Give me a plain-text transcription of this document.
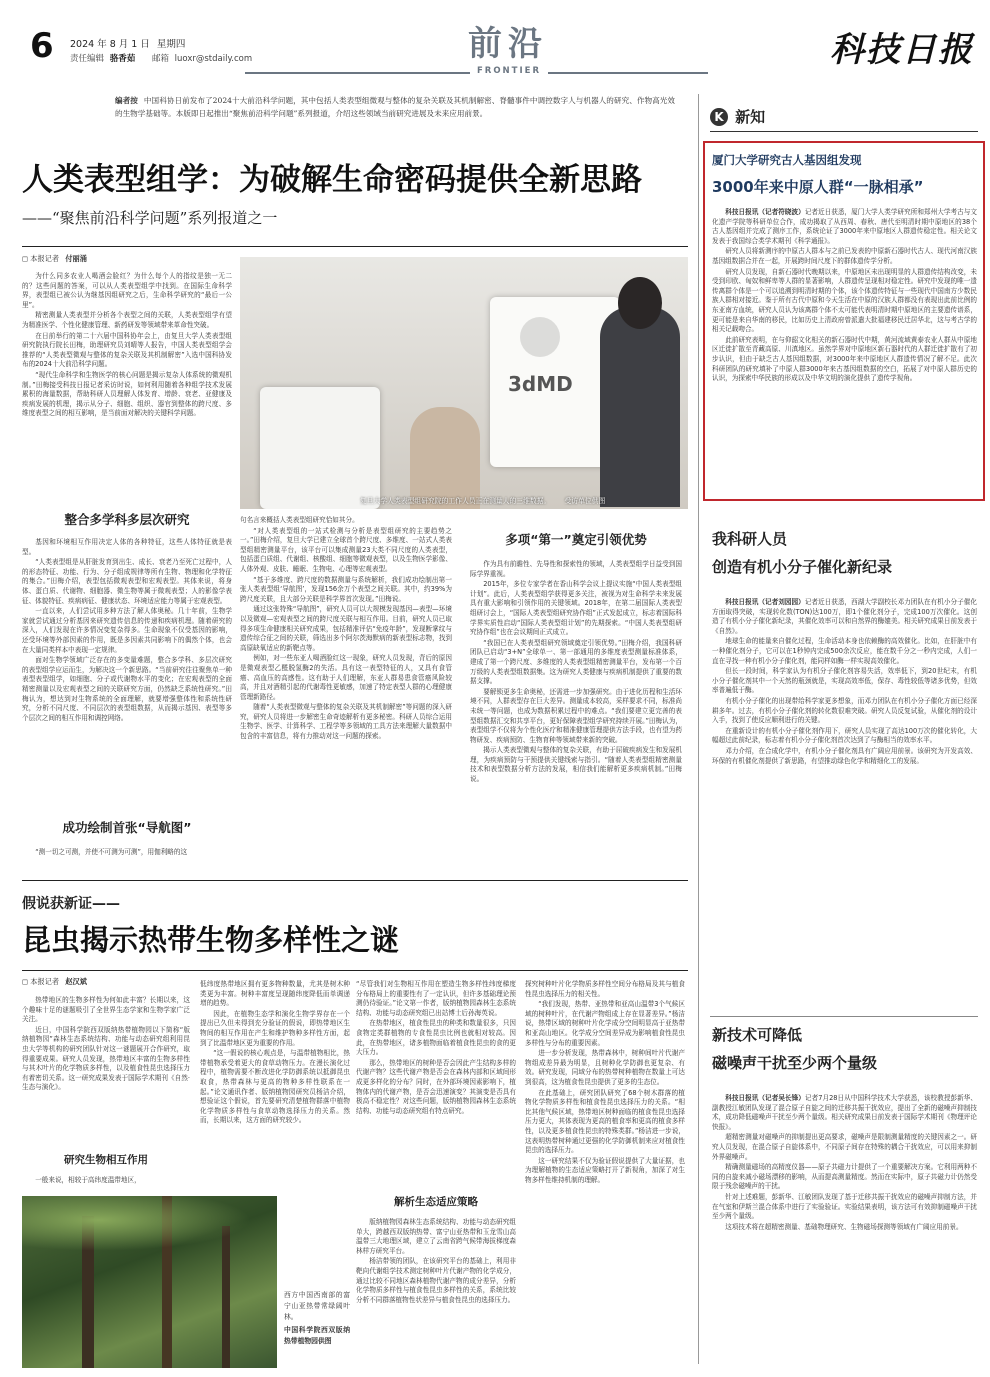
6 2024 年 8 月 1 日 星期四
责任编辑 骆香茹 邮箱 luoxr@stdaily.com	前沿
FRONTIER
科技日报
编者按 中国科协日前发布了2024十大前沿科学问题，其中包括人类表型组微观与整体的复杂关联及其机制解密、脊髓事件中调控数字人与机器人的研究、作物高光效的生物学基础等。本版即日起推出“聚焦前沿科学问题”系列报道，介绍这些领域当前研究进展及未来应用前景。
人类表型组学：为破解生命密码提供全新思路
——“聚焦前沿科学问题”系列报道之一
◻ 本报记者 付丽涌

为什么同多农业人喝酒会脸红？为什么每个人的指纹是独一无二的？这些问题的答案，可以从人类表型组学中找到。在国际生命科学界，表型组已被公认为继基因组研究之后，生命科学研究的“最后一公里”。

精密测量人类表型并分析各个表型之间的关联，人类表型组学有望为精准医学、个性化健康管理、新药研发等领域带来革命性突破。

在日前举行的第二十六届中国科协年会上，由复旦大学人类表型组研究院执行院长田梅，助理研究员刘晴等人报告，中国人类表型组学会推荐的“人类表型微观与整体的复杂关联及其机制解密”入选中国科协发布的2024十大前沿科学问题。

“现代生命科学和生物医学的核心问题是揭示复杂人体系统的微观机制。”田梅接受科技日报记者采访时说，如何利用随着各种组学技术发展累积的海量数据，帮助科研人员理解人体发育、增龄、衰老、亚健康及疾病发展的机理，揭示从分子、细胞、组织、器官到整体的跨尺度、多维度表型之间的相互影响，是当前面对解决的关键科学问题。

3dMD
复旦大学人类表型组研究院的工作人员正在测量人的三维数据。 受访单位供图
整合多学科多层次研究

基因和环境相互作用决定人体的各种特征，这些人体特征就是表型。

“人类表型组是从肝脏发育到出生、成长、衰老乃至死亡过程中，人的形态特征、功能、行为、分子组成规律等所有生物、物理和化学特征的集合。”田梅介绍，表型包括微观表型和宏观表型。其体来说，将身体、蛋白质、代谢物、细胞器、微生物等属于微观表型；人的影像学表征、体貌特征、疾病病征、健康状态、环境适应能力等属于宏观表型。

一直以来，人们尝试用多种方法了解人体奥秘。几十年前，生物学家就尝试通过分析基因来研究遗传信息的传递和疾病机理。随着研究的深入，人们发现在许多情况变复杂得多。生命现象不仅受基因的影响，还受环境等外部因素的作用，既是多因素共同影响下的偶然个体，也会在大量同类样本中表现一定规律。

面对生物学领域广泛存在的多变量难题，整合多学科、多层次研究的表型组学应运而生，为解决这一个新思路。“当前研究往往聚焦单一种表型表型组学，如细胞、分子或代谢物水平的变化；在宏观表型的全面精密测量以及宏观表型之间的关联研究方面，仍然缺乏系统性研究。”田梅认为，想达到对生物系统的全面理解，就要增强整体性和系统性研究，分析不同尺度、不同层次的表型组数据，从而揭示基因、表型等多个层次之间的相互作用和调控网络。

成功绘制首张“导航图”

“测一切之可测，并使不可测为可测”，用伽利略的这

句名言来概括人类表型组研究恰如其分。

“对人类表型组的一站式检测与分析是表型组研究的主要趋势之一。”田梅介绍，复旦大学已建立全球首个跨尺度、多维度、一站式人类表型组精密测量平台，该平台可以集成测量23大类不同尺度的人类表型，包括蛋白质组、代谢组、核酸组、细胞等微观表型，以及生物医学影像、人体外观、皮肤、睡眠、生物电、心理等宏观表型。

“基于多维度、跨尺度的数据测量与系统解析，我们成功绘制出第一张人类表型组‘导航图’，发现156余万个表型之间关联。其中，约39%为跨尺度关联，且大部分关联是科学界首次发现。”田梅说。

通过这张特殊“导航图”，研究人员可以大规模发现基因—表型—环境以及微观—宏观表型之间的跨尺度关联与相互作用。目前，研究人员已取得多项生命健康相关研究成果，包括精准评估“免疫年龄”，发现断掌纹与遗传综合征之间的关联，筛选出多个阿尔茨海默病的新表型标志物，找到高原缺氧适应的新靶点等。

例如，对一些东亚人喝酒脸红这一现象，研究人员发现，背后的原因是微观表型乙醛脱氢酶2的失活。具有这一表型特征的人，又具有食管癌、高血压的高感性。这有助于人们理解，东亚人群易患食管癌风险较高，并且对酒精引起的代谢毒性更敏感，加速了特定表型人群的心理健康管理新路径。

随着“人类表型微观与整体的复杂关联及其机制解密”等问题的深入研究，研究人员将进一步解密生命奇迹解析有更多秘密。科研人员综合运用生物学、医学、计算科学、工程学等多领域的工具方法来理解大量数据中包含的丰富信息，将有力推动对这一问题的探索。

多项“第一”奠定引领优势

作为具有前瞻性、先导性和探索性的领域，人类表型组学日益受到国际学界重视。

2015年，多位专家学者在香山科学会议上提议实施“中国人类表型组计划”。此后，人类表型组学获得更多关注，被视为对生命科学未来发展具有重大影响和引领作用的关键领域。2018年，在第二届国际人类表型组研讨会上，“国际人类表型组研究协作组”正式发起成立，标志着国际科学界实质性启动“国际人类表型组计划”的先期探索。“中国人类表型组研究协作组”也在会议期间正式成立。

“我国已在人类表型组研究领域奠定引领优势。”田梅介绍，我国科研团队已启动“3+N”全球单一、第一部通用的多维度表型测量标准体系，建成了第一个跨尺度、多维度的人类表型组精密测量平台，发布第一个百万级的人类表型组数据集。这为研究人类健康与疾病机制提供了重要的数据支撑。

要解锁更多生命奥秘，还需进一步加强研究。由于进化历程和生活环境不同，人群表型存在巨大差异。测量成本较高，采样要求不同，标准尚未统一等问题，也成为数据积累过程中的难点。“我们要建立更完善的表型组数据汇交和共享平台，更好保障表型组学研究持续开展。”田梅认为，表型组学不仅将为个性化医疗和精准健康管理提供方法手段，也有望为药物研发、疾病预防、生物育种等领域带来新的突破。

揭示人类表型微观与整体的复杂关联，有助于屈破疾病发生和发展机理，为疾病预防与干预提供关键线索与指引。“随着人类表型组精密测量技术和表型数据分析方法的发展，相信我们能解析更多疾病机制。”田梅说。

假说获新证——
昆虫揭示热带生物多样性之谜
◻ 本报记者 赵汉斌

热带地区的生物多样性为何如此丰富？长期以来，这个趣味十足的谜题吸引了全世界生态学家和生物学家广泛关注。

近日，中国科学院西双版纳热带植物园以下简称“版纳植物园”森林生态系统结构、功能与动态研究组利用昆虫大学等机构的研究团队针对这一谜题展开合作研究，取得重要成果。研究人员发现，热带地区丰富的生物多样性与其木叶片的化学物质多样性，以及植食性昆虫选择压力有着密切关系。这一研究成果发表于国际学术期刊《自然·生态与演化》。

研究生物相互作用

一般来说，相较于高纬度温带地区，

低纬度热带地区拥有更多物种数量，尤其是树木种类更为丰富。树种丰富度呈现随纬度降低而单调递增的趋势。

因此，在植物生态学和演化生物学界存在一个提出已久但未得到充分验证的假说，即热带地区生物间的相互作用在产生和维护物种多样性方面，起到了比温带地区更为重要的作用。

“这一假说的核心观点是，与温带植物相比，热带植物承受着更大的食草动物压力。在漫长演化过程中，植物需要不断改进化学防御系统以抵御昆虫取食，热带森林与更高的物种多样性联系在一起。”论文通讯作者、版纳植物园研究员杨洁介绍，想验证这个假说，首先要研究清楚植物群落中植物化学物质多样性与食草动物选择压力的关系。然而，长期以来，这方面的研究较少。

西方中国西南部的富宁山亚热带常绿阔叶林。
中国科学院西双版纳热带植物园供图

“尽管我们对生物相互作用在塑造生物多样性纬度梯度分布格局上的重要性有了一定认识，但许多基础理论预测仍待验证。”论文第一作者，版纳植物园森林生态系统结构、功能与动态研究组已出站博士后孙海英说。

在热带地区，植食性昆虫的种类和数量很多，只因食物定类群植物的专食性昆虫比例也就相对较高。因此，在热带地区，诸多植物面临着植食性昆虫的食的更大压力。

那么，热带地区的树种是否会因此产生结构多样的代谢产物？这些代谢产物是否会在森林内部和区域间形成更多样化的分布？同时，在外部环境因素影响下，植物体内的代谢产物，是否会迅速演变？其演变是否具有极高不稳定性？对这些问题，版纳植物园森林生态系统结构、功能与动态研究组有特点研究。

解析生态适应策略

版纳植物园森林生态系统结构、功能与动态研究组单大，跨越西双版纳热带、富宁山亚热带和玉龙雪山高温带三大地理区域，建立了云南省跨气候带海拔梯度森林样方研究平台。

杨洁带领的团队，在该研究平台的基础上，利用非靶向代谢组学技术测定树种叶片代谢产物的化学成分，通过比较不同地区森林植物代谢产物的成分差异，分析化学物质多样性与植食性昆虫多样性的关系，系统比较分析不同群落植物性状差异与植食性昆虫的选择压力。

探究树种叶片化学物质多样性空间分布格局及其与植食性昆虫选择压力的相关性。

“我们发现，热带、亚热带和亚高山温带3个气候区域的树种叶片，在代谢产物组成上存在显著差异。”杨洁说，热带区域的树种叶片化学成分空间明显高于亚热带和亚高山地区。化学成分空间差异成为影响植食性昆虫多样性与分布的重要因素。

进一步分析发现，热带森林中，树种间叶片代谢产物组成差异最为明显，且树种化学防御也更复杂、有效。研究发现，同域分布的热带树种植物在数量上可达到很高，这为植食性昆虫提供了更多的生态位。

在此基础上，研究团队研究了68个树木群落的植物化学物质多样性和植食性昆虫选择压力的关系。“相比其他气候区域，热带地区树种面临的植食性昆虫选择压力更大，其体表现为更高的植食率和更高的植食多样性，以及更多植食性昆虫的特殊类群。”杨洁进一步说，这表明热带树种通过更强的化学防御机制来应对植食性昆虫的选择压力。

这一研究结果不仅为验证假说提供了大量证据，也为理解植物的生态适应策略打开了新视角，加深了对生物多样性维持机制的理解。

K 新知
厦门大学研究古人基因组发现
3000年来中原人群“一脉相承”

科技日报讯（记者符晓波）记者近日获悉，厦门大学人类学研究所和郑州大学考古与文化遗产学院等科研单位合作，成功揭取了从西周、春秋、唐代至明清时期中原地区的38个古人基因组并完成了测序工作，系统论证了3000年来中原地区人群遗传稳定性。相关论文发表于我国综合类学术期刊《科学通报》。

研究人员将新测序的中原古人群本与之前已发表的中原新石器时代古人、现代河南汉族基因组数据合并在一起，开展跨时间尺度下的群体遗传学分析。

研究人员发现，自新石器时代晚期以来，中原地区未出现明显的人群遗传结构改变，未受到印欧、匈奴和鲜卑等人群的显著影响，人群遗传呈现相对稳定性。研究中发现的唯一遗传离群个体是一个可以追溯到明清时期的个体，该个体遗传特征与一些现代中国南方少数民族人群相对接近。鉴于所有古代中原和今天生活在中原的汉族人群都没有表现出此前比例的东亚南方血统，研究人员认为该离群个体不太可能代表明清时期中原地区的主要遗传谱系，更可能是来自华南的移民，比如历史上清政府曾派遣大批福建移民迁居华北，这与考古学的相关记载吻合。

此前研究表明，在与仰韶文化相关的新石器时代中期，黄河流域黄泰农业人群从中原地区迁徙扩散至青藏高原、川滇地区。虽然学界对中原地区新石器时代的人群迁徙扩散有了初步认识，但由于缺乏古人基因组数据，对3000年来中原地区人群遗传情况了解不足。此次科研团队的研究填补了中原人群3000年来古基因组数据的空白，拓展了对中原人群历史的认识，为探索中华民族的形成以及中华文明的演化提供了遗传学视角。

我科研人员
创造有机小分子催化新纪录

科技日报讯（记者刘园园）记者近日获悉，西湖大学副校长邓力团队在有机小分子催化方面取得突破，实现转化数(TON)达100万，即1个催化剂分子，完成100万次催化。这创造了有机小分子催化新纪录，其催化效率可以和自然界的酶媲美。相关研究成果日前发表于《自然》。

地球生命的能量来自催化过程，生命活动本身也依赖酶的高效催化。比如，在肝脏中有一种催化剂分子，它可以在1秒钟内完成500余次反应，能在数千分之一秒内完成，人们一直在寻找一种有机小分子催化剂，能同样如酶一样实现高效催化。

但长一段时间，科学家认为有机分子催化剂容易失活，效率低下，到20世纪末，有机小分子催化剂其中一个天然的瓶颈就是，实现高效率低，保存、毒性较低等诸多优势，但效率普遍低于酶。

有机小分子催化的出现带给科学家更多想象，而邓力团队在有机小分子催化方面已经深耕多年。过去，有机小分子催化剂的转化数很难突破。研究人员反复试验，从催化剂的设计入手，找到了使反应顺利进行的关键。

在重新设计的有机小分子催化剂作用下，研究人员实现了高达100万次的催化转化，大幅超过此前纪录，标志着有机小分子催化剂首次达到了与酶相当的效率水平。

邓力介绍，在合成化学中，有机小分子催化剂具有广阔应用前景。该研究为开发高效、环保的有机催化剂提供了新思路，有望推动绿色化学和精细化工的发展。

新技术可降低
磁噪声干扰至少两个量级

科技日报讯（记者吴长锋）记者7月28日从中国科学技术大学获悉，该校教授彭新华、副教授江敏团队发现了混合原子自旋之间的迁移共振干扰效应，提出了全新的磁噪声抑制技术，成功降低磁噪声干扰至少两个量级。相关研究成果日前发表于国际学术期刊《物理评论快报》。

超精密测量对磁噪声的抑制提出更高要求，磁噪声是限制测量精度的关键因素之一。研究人员发现，在混合原子自旋体系中，不同原子间存在特殊的耦合干扰效应，可以用来抑制外界磁噪声。

精确测量磁场的高精度仪器——原子共磁力计提供了一个重要解决方案。它利用两种不同的自旋来减小磁场漂移的影响，从而提高测量精度。然而在实际中，原子共磁力计仍然受限于残余磁噪声的干扰。

针对上述难题，彭新华、江敏团队发现了基于迁移共振干扰效应的磁噪声抑制方法，并在气室和伊斯兰混合体系中进行了实验验证。实验结果表明，该方法可有效抑制磁噪声干扰至少两个量级。

这项技术将在超精密测量、基础物理研究、生物磁场探测等领域有广阔应用前景。
